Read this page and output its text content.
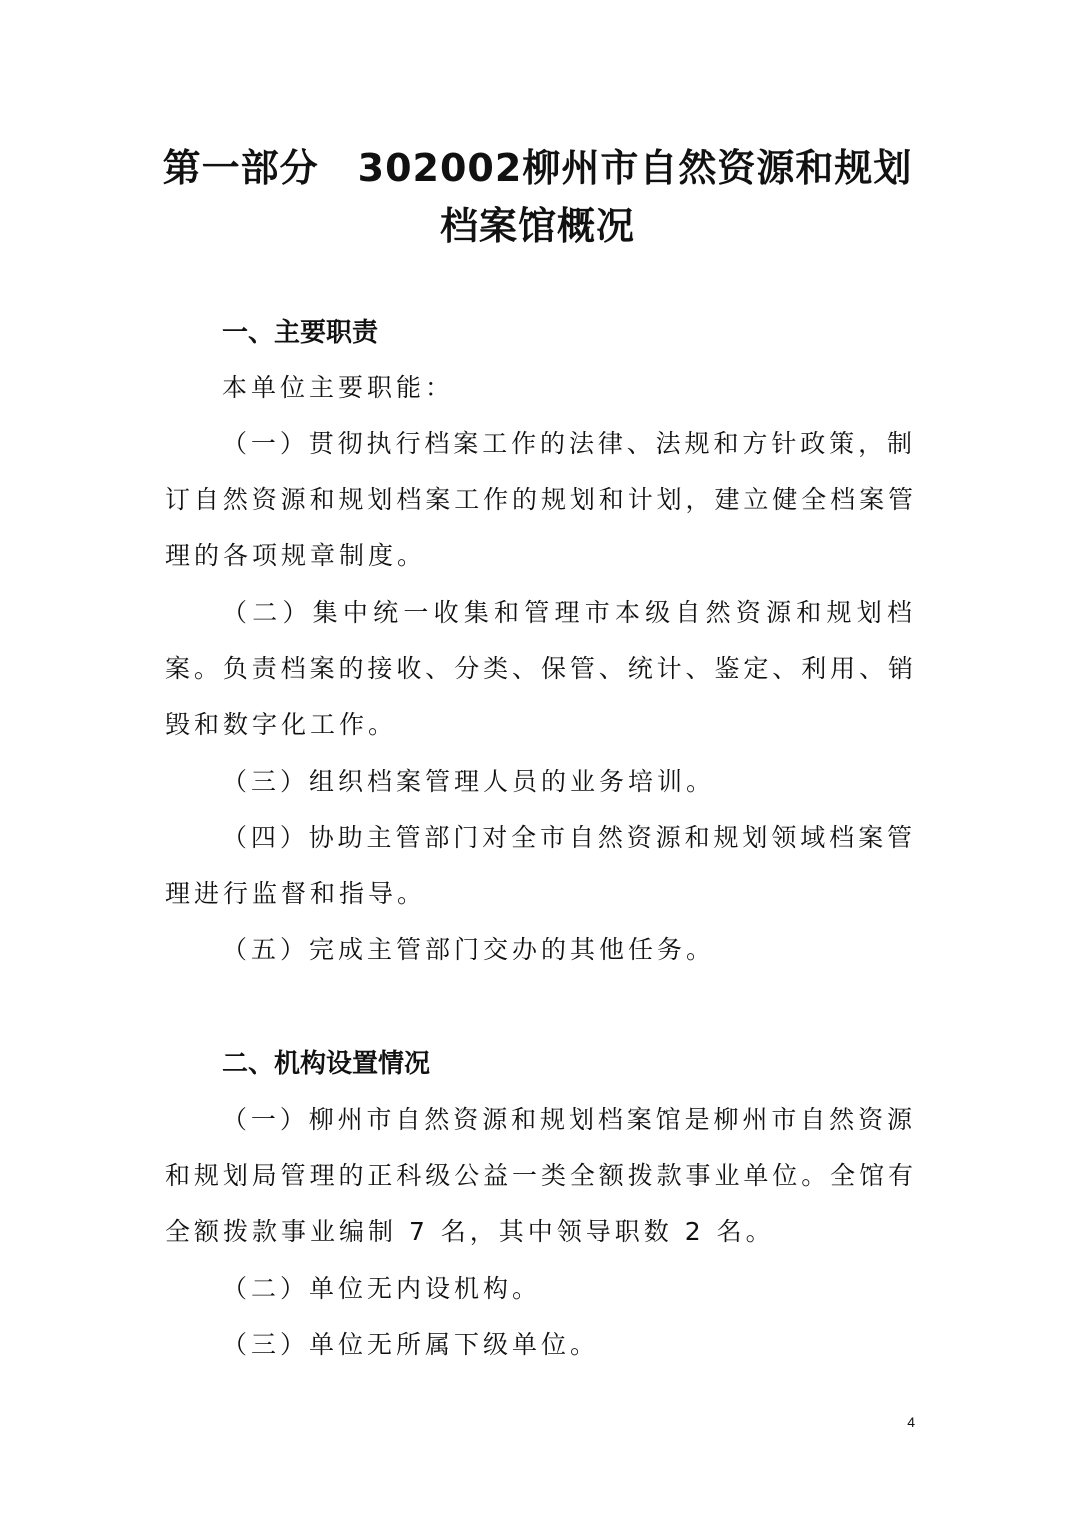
第一部分　302002柳州市自然资源和规划
档案馆概况
一、主要职责
本单位主要职能：
（一）贯彻执行档案工作的法律、法规和方针政策，制
订自然资源和规划档案工作的规划和计划，建立健全档案管
理的各项规章制度。
（二）集中统一收集和管理市本级自然资源和规划档
案。负责档案的接收、分类、保管、统计、鉴定、利用、销
毁和数字化工作。
（三）组织档案管理人员的业务培训。
（四）协助主管部门对全市自然资源和规划领域档案管
理进行监督和指导。
（五）完成主管部门交办的其他任务。
二、机构设置情况
（一）柳州市自然资源和规划档案馆是柳州市自然资源
和规划局管理的正科级公益一类全额拨款事业单位。全馆有
全额拨款事业编制 7 名，其中领导职数 2 名。
（二）单位无内设机构。
（三）单位无所属下级单位。
4
